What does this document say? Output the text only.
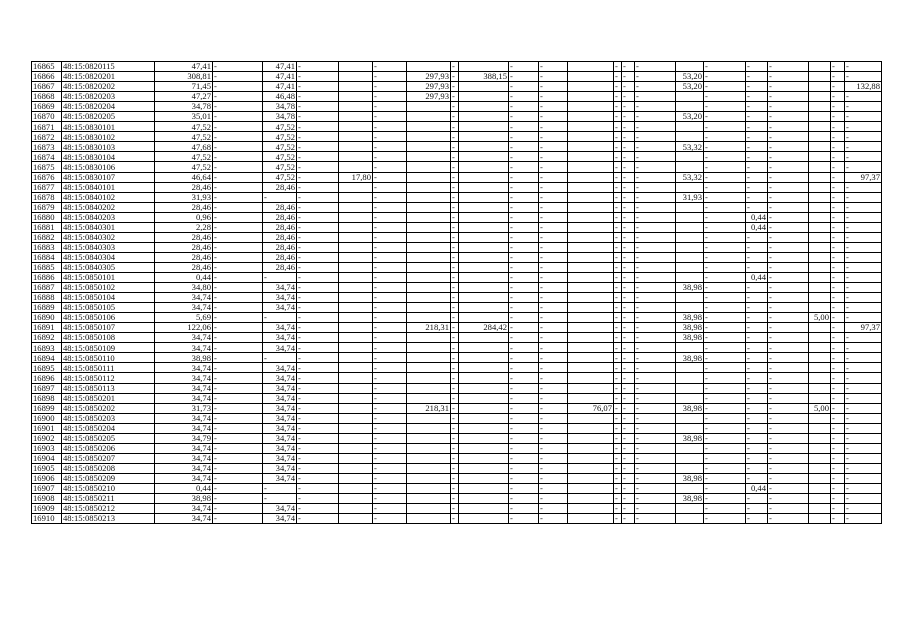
16865	48:15:0820115	47,41	-	47,41	-		-		-		-	-		-	-	-		-	-	-		-	-
16866	48:15:0820201	308,81	-	47,41	-		-	297,93	-	388,15	-	-		-	-	-	53,20	-	-	-		-	-
16867	48:15:0820202	71,45	-	47,41	-		-	297,93	-		-	-		-	-	-	53,20	-	-	-		-	132,88
16868	48:15:0820203	47,27	-	46,48	-		-	297,93	-		-	-		-	-	-		-	-	-		-	-
16869	48:15:0820204	34,78	-	34,78	-		-		-		-	-		-	-	-		-	-	-		-	-
16870	48:15:0820205	35,01	-	34,78	-		-		-		-	-		-	-	-	53,20	-	-	-		-	-
16871	48:15:0830101	47,52	-	47,52	-		-		-		-	-		-	-	-		-	-	-		-	-
16872	48:15:0830102	47,52	-	47,52	-		-		-		-	-		-	-	-		-	-	-		-	-
16873	48:15:0830103	47,68	-	47,52	-		-		-		-	-		-	-	-	53,32	-	-	-		-	-
16874	48:15:0830104	47,52	-	47,52	-		-		-		-	-		-	-	-		-	-	-		-	-
16875	48:15:0830106	47,52	-	47,52	-		-		-		-	-		-	-	-		-	-	-		-	-
16876	48:15:0830107	46,64	-	47,52	-	17,80	-		-		-	-		-	-	-	53,32	-	-	-		-	97,37
16877	48:15:0840101	28,46	-	28,46	-		-		-		-	-		-	-	-		-	-	-		-	-
16878	48:15:0840102	31,93	-	-	-		-		-		-	-		-	-	-	31,93	-	-	-		-	-
16879	48:15:0840202	28,46	-	28,46	-		-		-		-	-		-	-	-		-	-	-		-	-
16880	48:15:0840203	0,96	-	28,46	-		-		-		-	-		-	-	-		-	0,44	-		-	-
16881	48:15:0840301	2,28	-	28,46	-		-		-		-	-		-	-	-		-	0,44	-		-	-
16882	48:15:0840302	28,46	-	28,46	-		-		-		-	-		-	-	-		-	-	-		-	-
16883	48:15:0840303	28,46	-	28,46	-		-		-		-	-		-	-	-		-	-	-		-	-
16884	48:15:0840304	28,46	-	28,46	-		-		-		-	-		-	-	-		-	-	-		-	-
16885	48:15:0840305	28,46	-	28,46	-		-		-		-	-		-	-	-		-	-	-		-	-
16886	48:15:0850101	0,44	-	-	-		-		-		-	-		-	-	-		-	0,44	-		-	-
16887	48:15:0850102	34,80	-	34,74	-		-		-		-	-		-	-	-	38,98	-	-	-		-	-
16888	48:15:0850104	34,74	-	34,74	-		-		-		-	-		-	-	-		-	-	-		-	-
16889	48:15:0850105	34,74	-	34,74	-		-		-		-	-		-	-	-		-	-	-		-	-
16890	48:15:0850106	5,69	-	-	-		-		-		-	-		-	-	-	38,98	-	-	-	5,00	-	-
16891	48:15:0850107	122,06	-	34,74	-		-	218,31	-	284,42	-	-		-	-	-	38,98	-	-	-		-	97,37
16892	48:15:0850108	34,74	-	34,74	-		-		-		-	-		-	-	-	38,98	-	-	-		-	-
16893	48:15:0850109	34,74	-	34,74	-		-		-		-	-		-	-	-		-	-	-		-	-
16894	48:15:0850110	38,98	-	-	-		-		-		-	-		-	-	-	38,98	-	-	-		-	-
16895	48:15:0850111	34,74	-	34,74	-		-		-		-	-		-	-	-		-	-	-		-	-
16896	48:15:0850112	34,74	-	34,74	-		-		-		-	-		-	-	-		-	-	-		-	-
16897	48:15:0850113	34,74	-	34,74	-		-		-		-	-		-	-	-		-	-	-		-	-
16898	48:15:0850201	34,74	-	34,74	-		-		-		-	-		-	-	-		-	-	-		-	-
16899	48:15:0850202	31,73	-	34,74	-		-	218,31	-		-	-	76,07	-	-	-	38,98	-	-	-	5,00	-	-
16900	48:15:0850203	34,74	-	34,74	-		-		-		-	-		-	-	-		-	-	-		-	-
16901	48:15:0850204	34,74	-	34,74	-		-		-		-	-		-	-	-		-	-	-		-	-
16902	48:15:0850205	34,79	-	34,74	-		-		-		-	-		-	-	-	38,98	-	-	-		-	-
16903	48:15:0850206	34,74	-	34,74	-		-		-		-	-		-	-	-		-	-	-		-	-
16904	48:15:0850207	34,74	-	34,74	-		-		-		-	-		-	-	-		-	-	-		-	-
16905	48:15:0850208	34,74	-	34,74	-		-		-		-	-		-	-	-		-	-	-		-	-
16906	48:15:0850209	34,74	-	34,74	-		-		-		-	-		-	-	-	38,98	-	-	-		-	-
16907	48:15:0850210	0,44	-	-	-		-		-		-	-		-	-	-		-	0,44	-		-	-
16908	48:15:0850211	38,98	-	-	-		-		-		-	-		-	-	-	38,98	-	-	-		-	-
16909	48:15:0850212	34,74	-	34,74	-		-		-		-	-		-	-	-		-	-	-		-	-
16910	48:15:0850213	34,74	-	34,74	-		-		-		-	-		-	-	-		-	-	-		-	-
